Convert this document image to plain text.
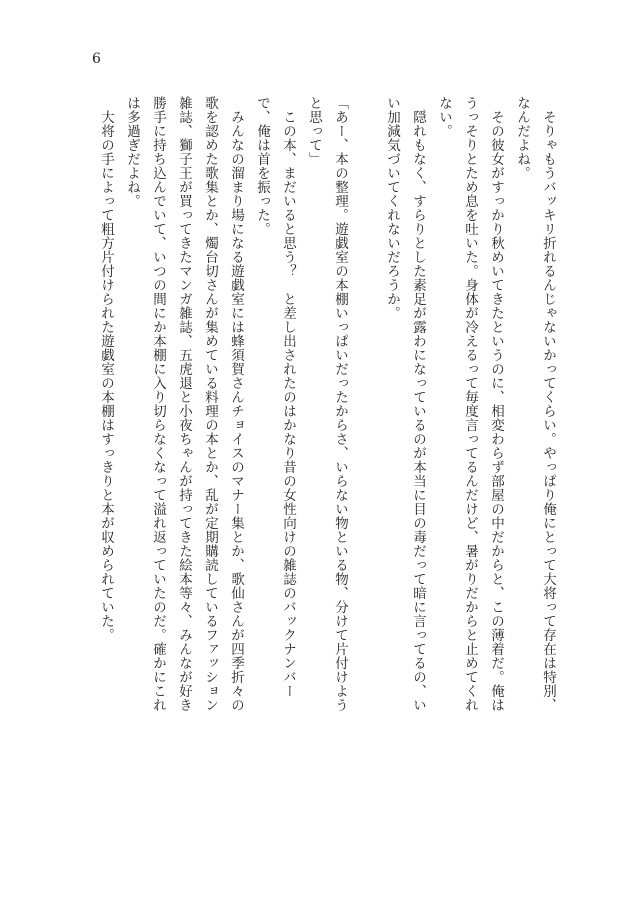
6

そりゃもうバッキリ折れるんじゃないかってくらい。やっぱり俺にとって大将って存在は特別、なんだよね。

その彼女がすっかり秋めいてきたというのに、相変わらず部屋の中だからと、この薄着だ。俺はうっそりとため息を吐いた。身体が冷えるって毎度言ってるんだけど、暑がりだからと止めてくれない。

隠れもなく、すらりとした素足が露わになっているのが本当に目の毒だって暗に言ってるの、いい加減気づいてくれないだろうか。

「あー、本の整理。遊戯室の本棚いっぱいだったからさ、いらない物といる物、分けて片付けようと思って」

この本、まだいると思う？　と差し出されたのはかなり昔の女性向けの雑誌のバックナンバーで、俺は首を振った。

みんなの溜まり場になる遊戯室には蜂須賀さんチョイスのマナー集とか、歌仙さんが四季折々の歌を認めた歌集とか、燭台切さんが集めている料理の本とか、乱が定期購読しているファッション雑誌、獅子王が買ってきたマンガ雑誌、五虎退と小夜ちゃんが持ってきた絵本等々、みんなが好き勝手に持ち込んでいて、いつの間にか本棚に入り切らなくなって溢れ返っていたのだ。確かにこれは多過ぎだよね。

大将の手によって粗方片付けられた遊戯室の本棚はすっきりと本が収められていた。
